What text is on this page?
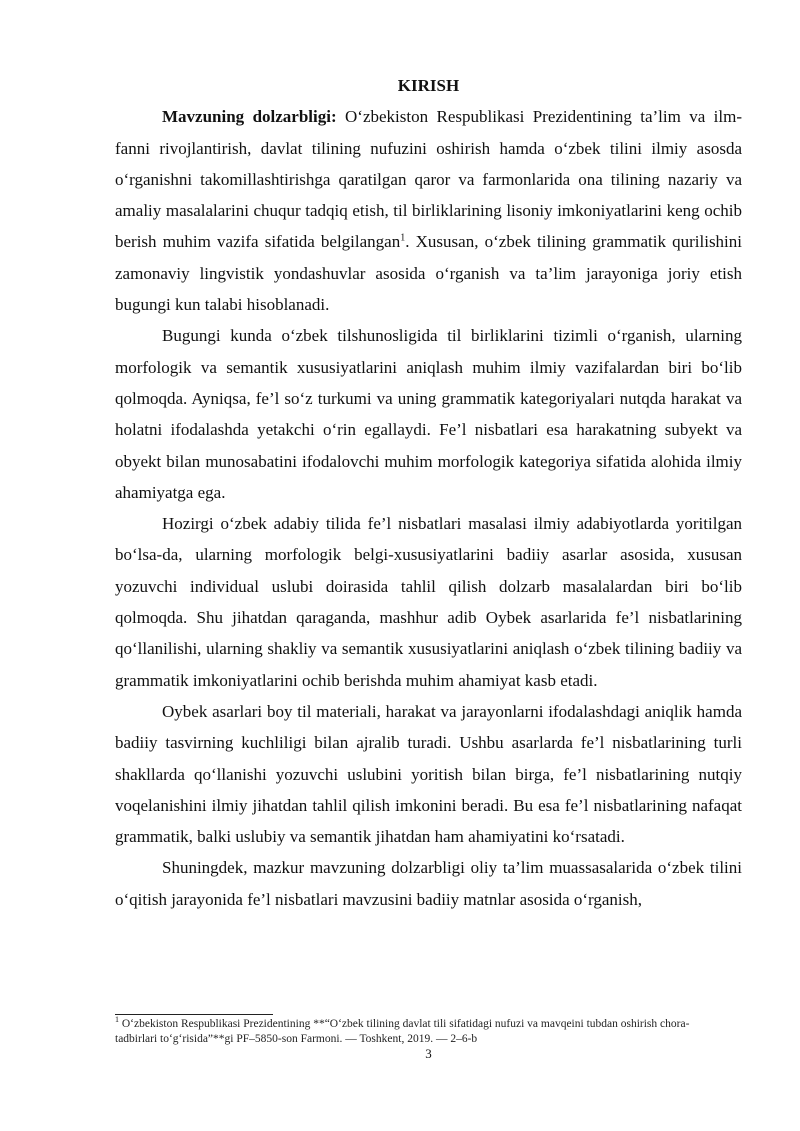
KIRISH

Mavzuning dolzarbligi: O‘zbekiston Respublikasi Prezidentining ta’lim va ilm-fanni rivojlantirish, davlat tilining nufuzini oshirish hamda o‘zbek tilini ilmiy asosda o‘rganishni takomillashtirishga qaratilgan qaror va farmonlarida ona tilining nazariy va amaliy masalalarini chuqur tadqiq etish, til birliklarining lisoniy imkoniyatlarini keng ochib berish muhim vazifa sifatida belgilangan$^1$. Xususan, o‘zbek tilining grammatik qurilishini zamonaviy lingvistik yondashuvlar asosida o‘rganish va ta’lim jarayoniga joriy etish bugungi kun talabi hisoblanadi.

Bugungi kunda o‘zbek tilshunosligida til birliklarini tizimli o‘rganish, ularning morfologik va semantik xususiyatlarini aniqlash muhim ilmiy vazifalardan biri bo‘lib qolmoqda. Ayniqsa, fe’l so‘z turkumi va uning grammatik kategoriyalari nutqda harakat va holatni ifodalashda yetakchi o‘rin egallaydi. Fe’l nisbatlari esa harakatning subyekt va obyekt bilan munosabatini ifodalovchi muhim morfologik kategoriya sifatida alohida ilmiy ahamiyatga ega.

Hozirgi o‘zbek adabiy tilida fe’l nisbatlari masalasi ilmiy adabiyotlarda yoritilgan bo‘lsa-da, ularning morfologik belgi-xususiyatlarini badiiy asarlar asosida, xususan yozuvchi individual uslubi doirasida tahlil qilish dolzarb masalalardan biri bo‘lib qolmoqda. Shu jihatdan qaraganda, mashhur adib Oybek asarlarida fe’l nisbatlarining qo‘llanilishi, ularning shakliy va semantik xususiyatlarini aniqlash o‘zbek tilining badiiy va grammatik imkoniyatlarini ochib berishda muhim ahamiyat kasb etadi.

Oybek asarlari boy til materiali, harakat va jarayonlarni ifodalashdagi aniqlik hamda badiiy tasvirning kuchliligi bilan ajralib turadi. Ushbu asarlarda fe’l nisbatlarining turli shakllarda qo‘llanishi yozuvchi uslubini yoritish bilan birga, fe’l nisbatlarining nutqiy voqelanishini ilmiy jihatdan tahlil qilish imkonini beradi. Bu esa fe’l nisbatlarining nafaqat grammatik, balki uslubiy va semantik jihatdan ham ahamiyatini ko‘rsatadi.

Shuningdek, mazkur mavzuning dolzarbligi oliy ta’lim muassasalarida o‘zbek tilini o‘qitish jarayonida fe’l nisbatlari mavzusini badiiy matnlar asosida o‘rganish,

$^1$ O‘zbekiston Respublikasi Prezidentining **“O‘zbek tilining davlat tili sifatidagi nufuzi va mavqeini tubdan oshirish chora-tadbirlari to‘g‘risida”**gi PF–5850-son Farmoni. — Toshkent, 2019. — 2–6-b
3
